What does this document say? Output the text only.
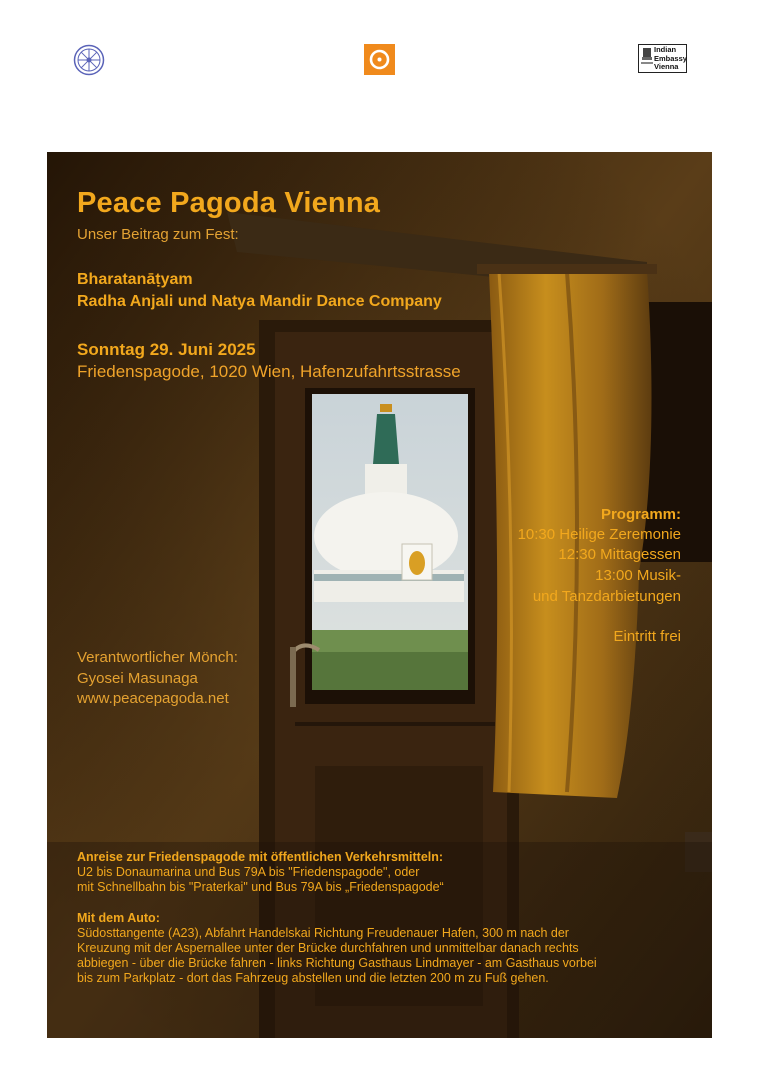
Indian
Embassy
Vienna
Peace Pagoda Vienna
Unser Beitrag zum Fest:
Bharatanāṭyam
Radha Anjali und Natya Mandir Dance Company
Sonntag 29. Juni 2025
Friedenspagode, 1020 Wien, Hafenzufahrtsstrasse
Programm:
10:30 Heilige Zeremonie
12:30 Mittagessen
13:00 Musik-
und Tanzdarbietungen
Eintritt frei
Verantwortlicher Mönch:
Gyosei Masunaga
www.peacepagoda.net
Anreise zur Friedenspagode mit öffentlichen Verkehrsmitteln:
U2 bis Donaumarina und Bus 79A bis "Friedenspagode", oder
mit Schnellbahn bis "Praterkai" und Bus 79A bis „Friedenspagode“
Mit dem Auto:
Südosttangente (A23), Abfahrt Handelskai Richtung Freudenauer Hafen, 300 m nach der
Kreuzung mit der Aspernallee unter der Brücke durchfahren und unmittelbar danach rechts
abbiegen - über die Brücke fahren - links Richtung Gasthaus Lindmayer - am Gasthaus vorbei
bis zum Parkplatz - dort das Fahrzeug abstellen und die letzten 200 m zu Fuß gehen.
